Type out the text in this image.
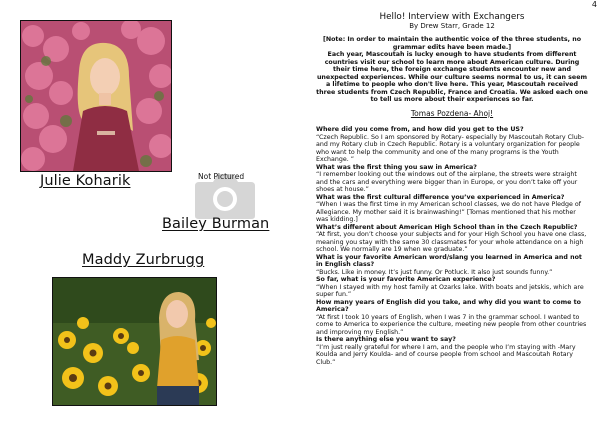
4
Julie Koharik	Not Pictured
Bailey Burman
Maddy Zurbrugg
Hello! Interview with Exchangers
By Drew Starr, Grade 12

[Note: In order to maintain the authentic voice of the three students, no grammar edits have been made.]

Each year, Mascoutah is lucky enough to have students from different countries visit our school to learn more about American culture. During their time here, the foreign exchange students encounter new and unexpected experiences. While our culture seems normal to us, it can seem a lifetime to people who don't live here. This year, Mascoutah received three students from Czech Republic, France and Croatia. We asked each one to tell us more about their experiences so far.

Tomas Pozdena- Ahoj!
Where did you come from, and how did you get to the US?
“Czech Republic. So I am sponsored by Rotary- especially by Mascoutah Rotary Club- and my Rotary club in Czech Republic. Rotary is a voluntary organization for people who want to help the community and one of the many programs is the Youth Exchange. ”
What was the first thing you saw in America?
“I remember looking out the windows out of the airplane, the streets were straight and the cars and everything were bigger than in Europe, or you don’t take off your shoes at house.”
What was the first cultural difference you’ve experienced in America?
“When I was the first time in my American school classes, we do not have Pledge of Allegiance. My mother said it is brainwashing!” [Tomas mentioned that his mother was kidding.]
What’s different about American High School than in the Czech Republic?
“At first, you don’t choose your subjects and for your High School you have one class, meaning you stay with the same 30 classmates for your whole attendance on a high school. We normally are 19 when we graduate.”
What is your favorite American word/slang you learned in America and not in English class?
“Bucks. Like in money. It’s just funny. Or Potluck. It also just sounds funny.”
So far, what is your favorite American experience?
“When I stayed with my host family at Ozarks lake. With boats and jetskis, which are super fun.”
How many years of English did you take, and why did you want to come to America?
“At first I took 10 years of English, when I was 7 in the grammar school. I wanted to come to America to experience the culture, meeting new people from other countries and improving my English.”
Is there anything else you want to say?
“I’m just really grateful for where I am, and the people who I’m staying with -Mary Koulda and Jerry Koulda- and of course people from school and Mascoutah Rotary Club.”
